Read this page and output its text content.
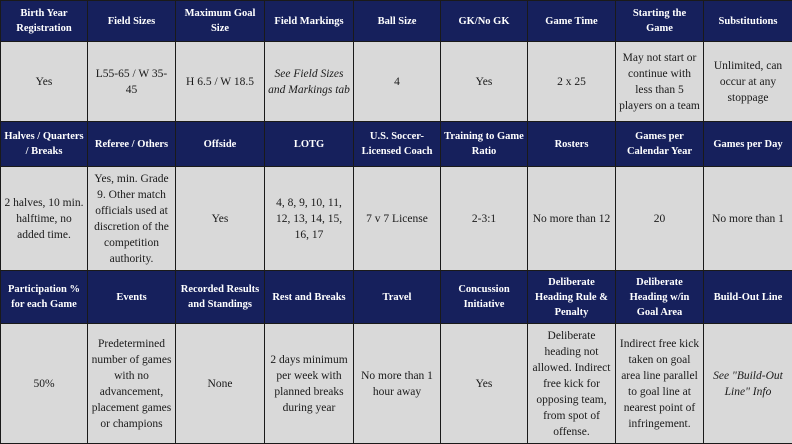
Birth Year Registration	Field Sizes	Maximum Goal Size	Field Markings	Ball Size	GK/No GK	Game Time	Starting the Game	Substitutions
Yes	L55-65 / W 35-45	H 6.5 / W 18.5	See Field Sizes and Markings tab	4	Yes	2 x 25	May not start or continue with less than 5 players on a team	Unlimited, can occur at any stoppage
Halves / Quarters / Breaks	Referee / Others	Offside	LOTG	U.S. Soccer-Licensed Coach	Training to Game Ratio	Rosters	Games per Calendar Year	Games per Day
2 halves, 10 min. halftime, no added time.	Yes, min. Grade 9. Other match officials used at discretion of the competition authority.	Yes	4, 8, 9, 10, 11, 12, 13, 14, 15, 16, 17	7 v 7 License	2-3:1	No more than 12	20	No more than 1
Participation % for each Game	Events	Recorded Results and Standings	Rest and Breaks	Travel	Concussion Initiative	Deliberate Heading Rule & Penalty	Deliberate Heading w/in Goal Area	Build-Out Line
50%	Predetermined number of games with no advancement, placement games or champions	None	2 days minimum per week with planned breaks during year	No more than 1 hour away	Yes	Deliberate heading not allowed. Indirect free kick for opposing team, from spot of offense.	Indirect free kick taken on goal area line parallel to goal line at nearest point of infringement.	See "Build-Out Line" Info
